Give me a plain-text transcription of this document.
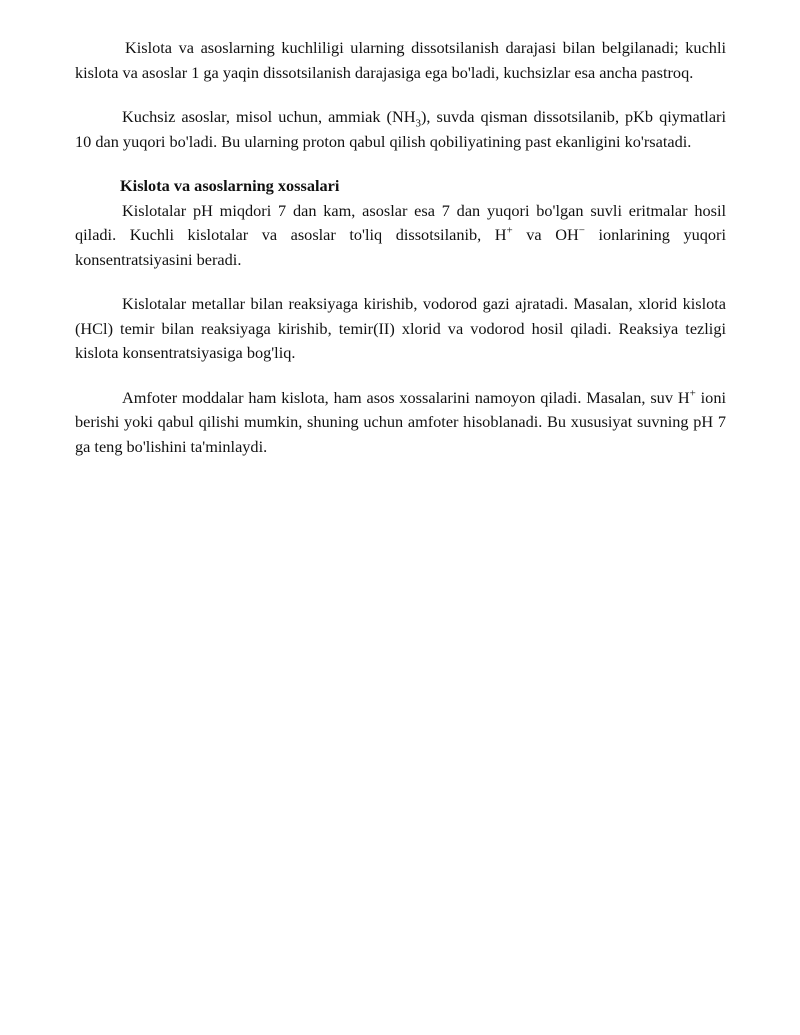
Kislota va asoslarning kuchliligi ularning dissotsilanish darajasi bilan belgilanadi; kuchli kislota va asoslar 1 ga yaqin dissotsilanish darajasiga ega bo'ladi, kuchsizlar esa ancha pastroq.

Kuchsiz asoslar, misol uchun, ammiak $(NH_3)$, suvda qisman dissotsilanib, pKb qiymatlari 10 dan yuqori bo'ladi. Bu ularning proton qabul qilish qobiliyatining past ekanligini ko'rsatadi.

Kislota va asoslarning xossalari

Kislotalar pH miqdori 7 dan kam, asoslar esa 7 dan yuqori bo'lgan suvli eritmalar hosil qiladi. Kuchli kislotalar va asoslar to'liq dissotsilanib, H+ va OH− ionlarining yuqori konsentratsiyasini beradi.

Kislotalar metallar bilan reaksiyaga kirishib, vodorod gazi ajratadi. Masalan, xlorid kislota (HCl) temir bilan reaksiyaga kirishib, temir(II) xlorid va vodorod hosil qiladi. Reaksiya tezligi kislota konsentratsiyasiga bog'liq.

Amfoter moddalar ham kislota, ham asos xossalarini namoyon qiladi. Masalan, suv H+ ioni berishi yoki qabul qilishi mumkin, shuning uchun amfoter hisoblanadi. Bu xususiyat suvning pH 7 ga teng bo'lishini ta'minlaydi.
